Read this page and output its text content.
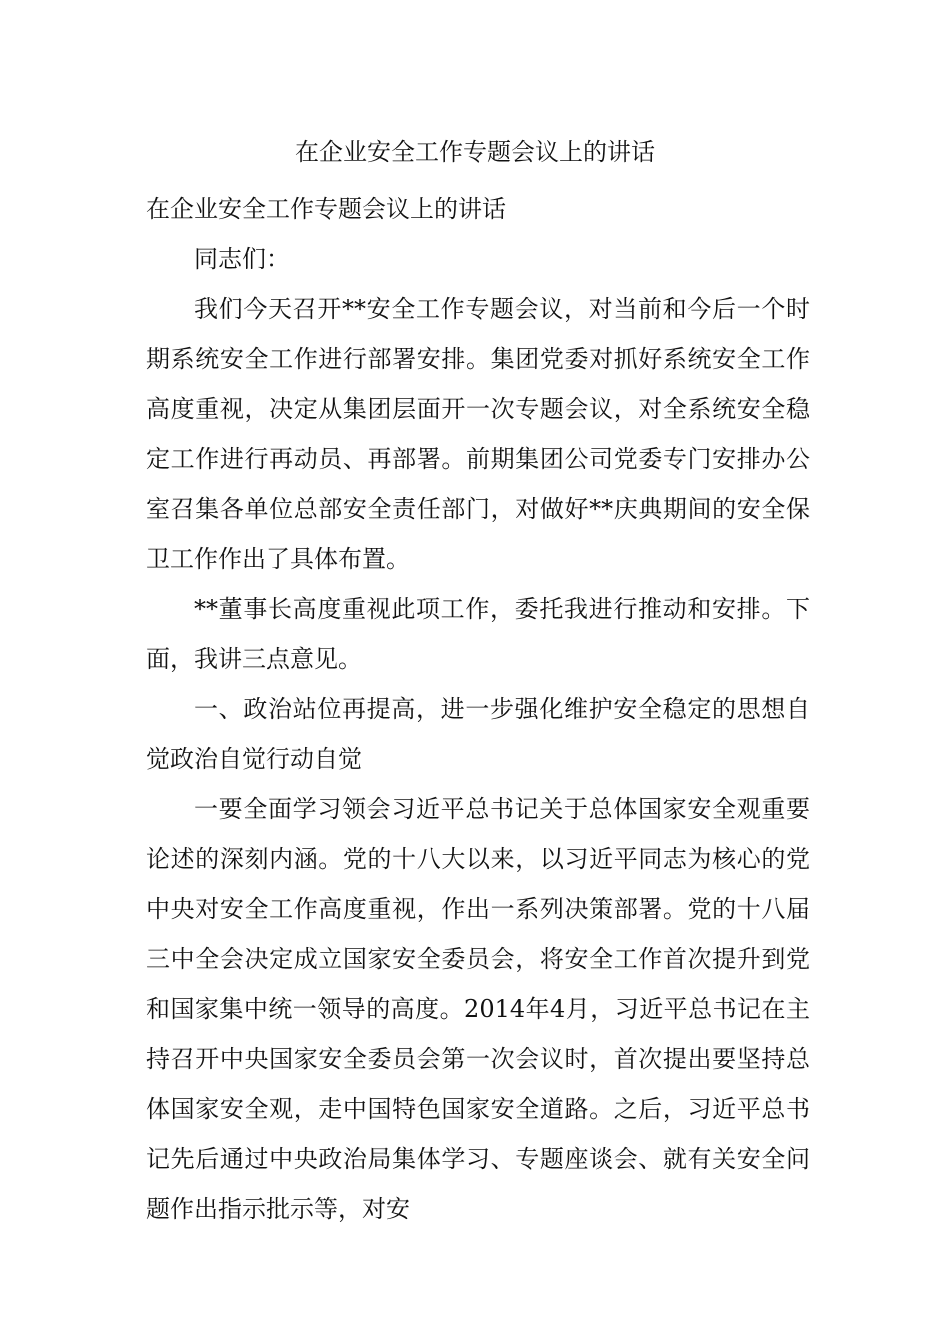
在企业安全工作专题会议上的讲话

在企业安全工作专题会议上的讲话

同志们：

我们今天召开**安全工作专题会议，对当前和今后一个时期系统安全工作进行部署安排。集团党委对抓好系统安全工作高度重视，决定从集团层面开一次专题会议，对全系统安全稳定工作进行再动员、再部署。前期集团公司党委专门安排办公室召集各单位总部安全责任部门，对做好**庆典期间的安全保卫工作作出了具体布置。

**董事长高度重视此项工作，委托我进行推动和安排。下面，我讲三点意见。

一、政治站位再提高，进一步强化维护安全稳定的思想自觉政治自觉行动自觉

一要全面学习领会习近平总书记关于总体国家安全观重要论述的深刻内涵。党的十八大以来，以习近平同志为核心的党中央对安全工作高度重视，作出一系列决策部署。党的十八届三中全会决定成立国家安全委员会，将安全工作首次提升到党和国家集中统一领导的高度。2014年4月，习近平总书记在主持召开中央国家安全委员会第一次会议时，首次提出要坚持总体国家安全观，走中国特色国家安全道路。之后，习近平总书记先后通过中央政治局集体学习、专题座谈会、就有关安全问题作出指示批示等，对安
